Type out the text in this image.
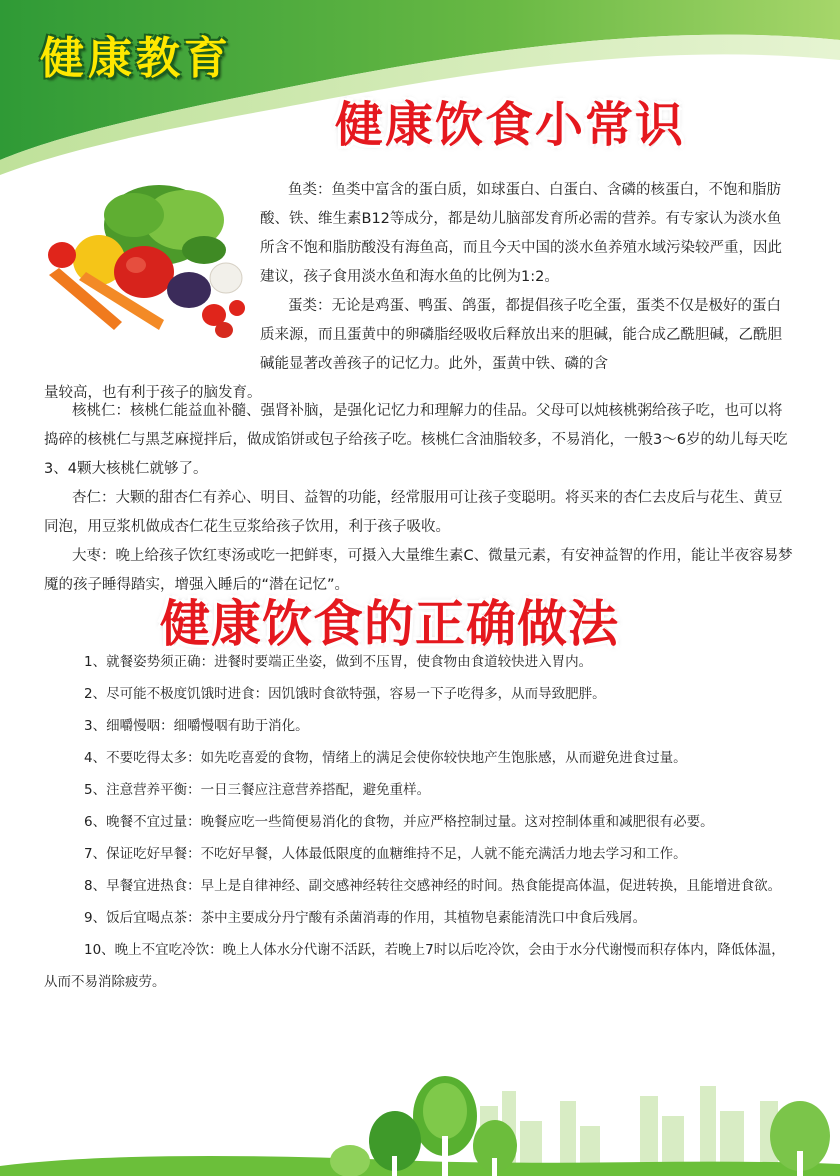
健康教育
健康饮食小常识

鱼类：鱼类中富含的蛋白质，如球蛋白、白蛋白、含磷的核蛋白，不饱和脂肪酸、铁、维生素B12等成分，都是幼儿脑部发育所必需的营养。有专家认为淡水鱼所含不饱和脂肪酸没有海鱼高，而且今天中国的淡水鱼养殖水域污染较严重，因此建议，孩子食用淡水鱼和海水鱼的比例为1:2。

蛋类：无论是鸡蛋、鸭蛋、鸽蛋，都提倡孩子吃全蛋，蛋类不仅是极好的蛋白质来源，而且蛋黄中的卵磷脂经吸收后释放出来的胆碱，能合成乙酰胆碱，乙酰胆碱能显著改善孩子的记忆力。此外，蛋黄中铁、磷的含

量较高，也有利于孩子的脑发育。

核桃仁：核桃仁能益血补髓、强肾补脑，是强化记忆力和理解力的佳品。父母可以炖核桃粥给孩子吃，也可以将捣碎的核桃仁与黑芝麻搅拌后，做成馅饼或包子给孩子吃。核桃仁含油脂较多，不易消化，一般3～6岁的幼儿每天吃3、4颗大核桃仁就够了。

杏仁：大颗的甜杏仁有养心、明目、益智的功能，经常服用可让孩子变聪明。将买来的杏仁去皮后与花生、黄豆同泡，用豆浆机做成杏仁花生豆浆给孩子饮用，利于孩子吸收。

大枣：晚上给孩子饮红枣汤或吃一把鲜枣，可摄入大量维生素C、微量元素，有安神益智的作用，能让半夜容易梦魇的孩子睡得踏实，增强入睡后的“潜在记忆”。

健康饮食的正确做法

1、就餐姿势须正确：进餐时要端正坐姿，做到不压胃，使食物由食道较快进入胃内。

2、尽可能不极度饥饿时进食：因饥饿时食欲特强，容易一下子吃得多，从而导致肥胖。

3、细嚼慢咽：细嚼慢咽有助于消化。

4、不要吃得太多：如先吃喜爱的食物，情绪上的满足会使你较快地产生饱胀感，从而避免进食过量。

5、注意营养平衡：一日三餐应注意营养搭配，避免重样。

6、晚餐不宜过量：晚餐应吃一些简便易消化的食物，并应严格控制过量。这对控制体重和减肥很有必要。

7、保证吃好早餐：不吃好早餐，人体最低限度的血糖维持不足，人就不能充满活力地去学习和工作。

8、早餐宜进热食：早上是自律神经、副交感神经转往交感神经的时间。热食能提高体温，促进转换，且能增进食欲。

9、饭后宜喝点茶：茶中主要成分丹宁酸有杀菌消毒的作用，其植物皂素能清洗口中食后残屑。

10、晚上不宜吃冷饮：晚上人体水分代谢不活跃，若晚上7时以后吃冷饮，会由于水分代谢慢而积存体内，降低体温，从而不易消除疲劳。
